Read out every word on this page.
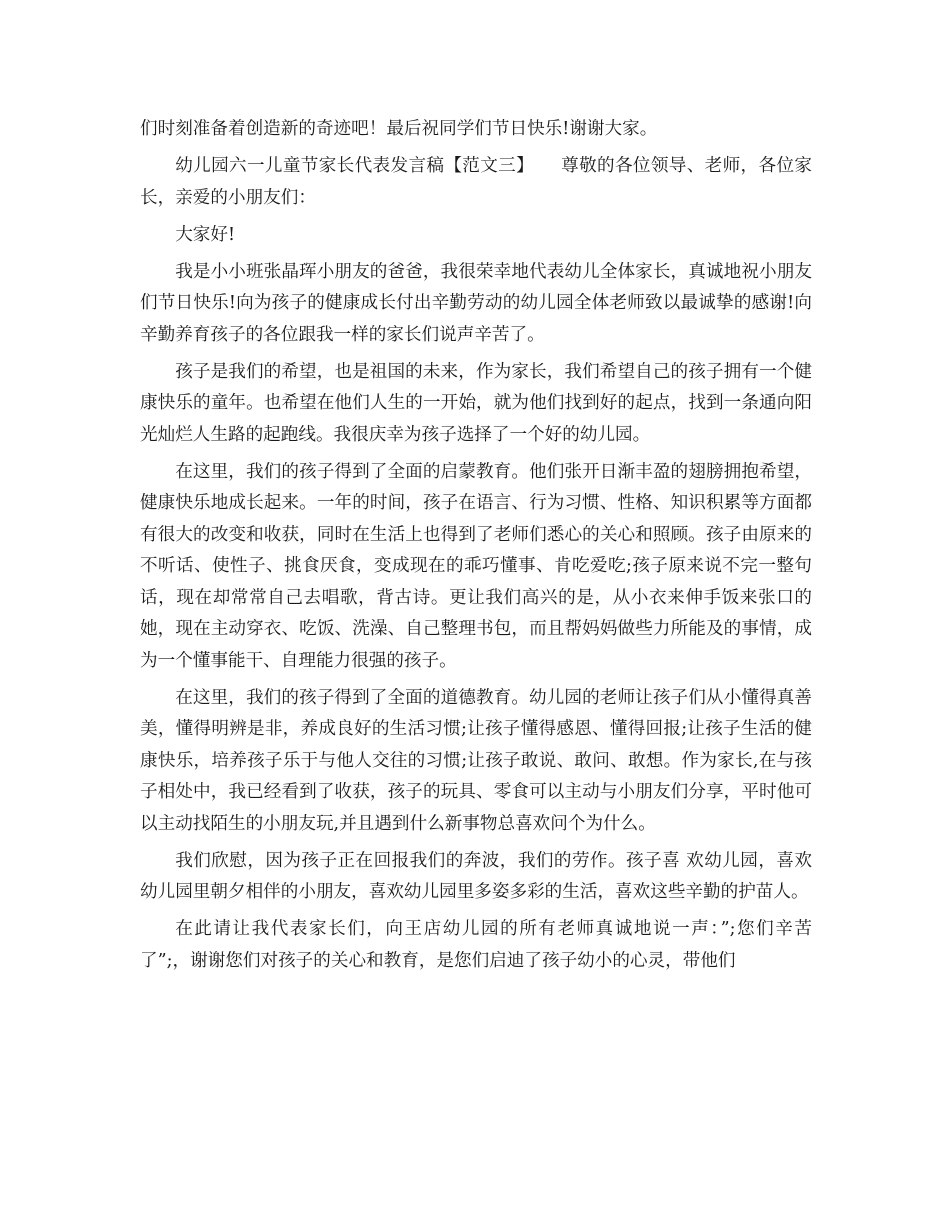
们时刻准备着创造新的奇迹吧！最后祝同学们节日快乐!谢谢大家。

幼儿园六一儿童节家长代表发言稿【范文三】　　尊敬的各位领导、老师，各位家长，亲爱的小朋友们：

大家好!

我是小小班张晶珲小朋友的爸爸，我很荣幸地代表幼儿全体家长，真诚地祝小朋友们节日快乐!向为孩子的健康成长付出辛勤劳动的幼儿园全体老师致以最诚挚的感谢!向辛勤养育孩子的各位跟我一样的家长们说声辛苦了。

孩子是我们的希望，也是祖国的未来，作为家长，我们希望自己的孩子拥有一个健康快乐的童年。也希望在他们人生的一开始，就为他们找到好的起点，找到一条通向阳光灿烂人生路的起跑线。我很庆幸为孩子选择了一个好的幼儿园。

在这里，我们的孩子得到了全面的启蒙教育。他们张开日渐丰盈的翅膀拥抱希望，健康快乐地成长起来。一年的时间，孩子在语言、行为习惯、性格、知识积累等方面都有很大的改变和收获，同时在生活上也得到了老师们悉心的关心和照顾。孩子由原来的不听话、使性子、挑食厌食，变成现在的乖巧懂事、肯吃爱吃;孩子原来说不完一整句话，现在却常常自己去唱歌，背古诗。更让我们高兴的是，从小衣来伸手饭来张口的她，现在主动穿衣、吃饭、洗澡、自己整理书包，而且帮妈妈做些力所能及的事情，成为一个懂事能干、自理能力很强的孩子。

在这里，我们的孩子得到了全面的道德教育。幼儿园的老师让孩子们从小懂得真善美，懂得明辨是非，养成良好的生活习惯;让孩子懂得感恩、懂得回报;让孩子生活的健康快乐，培养孩子乐于与他人交往的习惯;让孩子敢说、敢问、敢想。作为家长,在与孩子相处中，我已经看到了收获，孩子的玩具、零食可以主动与小朋友们分享，平时他可以主动找陌生的小朋友玩,并且遇到什么新事物总喜欢问个为什么。

我们欣慰，因为孩子正在回报我们的奔波，我们的劳作。孩子喜 欢幼儿园，喜欢幼儿园里朝夕相伴的小朋友，喜欢幼儿园里多姿多彩的生活，喜欢这些辛勤的护苗人。

在此请让我代表家长们，向王店幼儿园的所有老师真诚地说一声：”;您们辛苦了”;，谢谢您们对孩子的关心和教育，是您们启迪了孩子幼小的心灵，带他们
